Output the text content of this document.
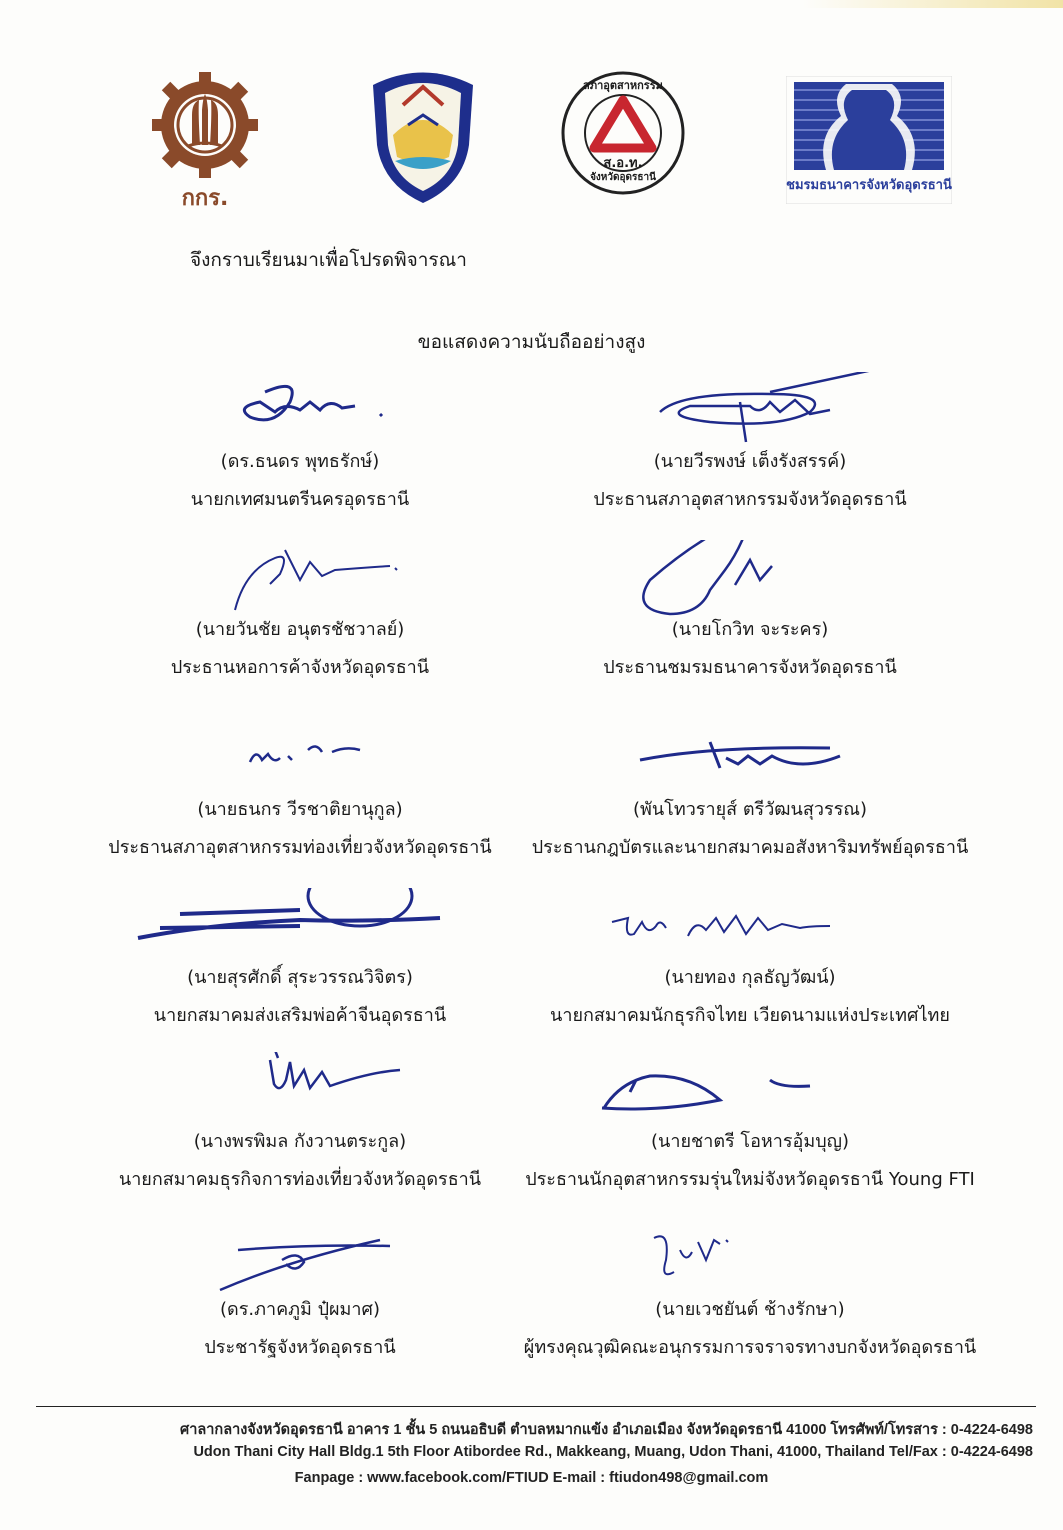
กกร.
สภาอุตสาหกรรม
ส.อ.ท.
จังหวัดอุดรธานี
ชมรมธนาคารจังหวัดอุดรธานี
จึงกราบเรียนมาเพื่อโปรดพิจารณา
ขอแสดงความนับถืออย่างสูง
(ดร.ธนดร พุทธรักษ์)
นายกเทศมนตรีนครอุดรธานี
(นายวีรพงษ์ เต็งรังสรรค์)
ประธานสภาอุตสาหกรรมจังหวัดอุดรธานี
(นายวันชัย อนุตรชัชวาลย์)
ประธานหอการค้าจังหวัดอุดรธานี
(นายโกวิท จะระคร)
ประธานชมรมธนาคารจังหวัดอุดรธานี
(นายธนกร วีรชาติยานุกูล)
ประธานสภาอุตสาหกรรมท่องเที่ยวจังหวัดอุดรธานี
(พันโทวรายุส์ ตรีวัฒนสุวรรณ)
ประธานกฎบัตรและนายกสมาคมอสังหาริมทรัพย์อุดรธานี
(นายสุรศักดิ์ สุระวรรณวิจิตร)
นายกสมาคมส่งเสริมพ่อค้าจีนอุดรธานี
(นายทอง กุลธัญวัฒน์)
นายกสมาคมนักธุรกิจไทย เวียดนามแห่งประเทศไทย
(นางพรพิมล กังวานตระกูล)
นายกสมาคมธุรกิจการท่องเที่ยวจังหวัดอุดรธานี
(นายชาตรี โอหารอุ้มบุญ)
ประธานนักอุตสาหกรรมรุ่นใหม่จังหวัดอุดรธานี Young FTI
(ดร.ภาคภูมิ ปุ๋ผมาศ)
ประชารัฐจังหวัดอุดรธานี
(นายเวชยันต์ ช้างรักษา)
ผู้ทรงคุณวุฒิคณะอนุกรรมการจราจรทางบกจังหวัดอุดรธานี
ศาลากลางจังหวัดอุดรธานี อาคาร 1 ชั้น 5 ถนนอธิบดี ตำบลหมากแข้ง อำเภอเมือง จังหวัดอุดรธานี 41000 โทรศัพท์/โทรสาร : 0-4224-6498
Udon Thani City Hall Bldg.1 5th Floor Atibordee Rd., Makkeang, Muang, Udon Thani, 41000, Thailand Tel/Fax : 0-4224-6498
Fanpage : www.facebook.com/FTIUD E-mail : ftiudon498@gmail.com
